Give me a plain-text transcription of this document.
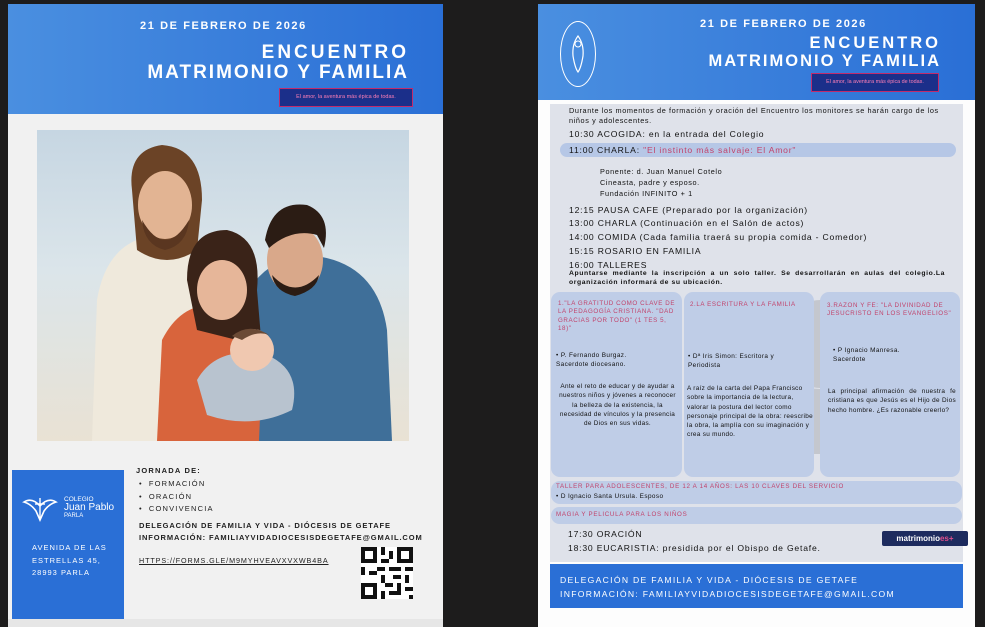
21 DE FEBRERO DE 2026
ENCUENTRO
MATRIMONIO Y FAMILIA
El amor, la aventura más épica de todas.
COLEGIO
Juan Pablo
PARLA
AVENIDA DE LAS ESTRELLAS 45, 28993 PARLA
JORNADA DE:
• FORMACIÓN
• ORACIÓN
• CONVIVENCIA
DELEGACIÓN DE FAMILIA Y VIDA - DIÓCESIS DE GETAFE
INFORMACIÓN: FAMILIAYVIDADIOCESISDEGETAFE@GMAIL.COM
HTTPS://FORMS.GLE/M9MYHVEAVXVXWB4BA
21 DE FEBRERO DE 2026
ENCUENTRO
MATRIMONIO Y FAMILIA
El amor, la aventura más épica de todas.
Durante los momentos de formación y oración del Encuentro los monitores se harán cargo de los niños y adolescentes.
10:30 ACOGIDA: en la entrada del Colegio
11:00 CHARLA: "El instinto más salvaje: El Amor"
Ponente: d. Juan Manuel Cotelo
Cineasta, padre y esposo.
Fundación INFINITO + 1
12:15 PAUSA CAFE (Preparado por la organización)
13:00 CHARLA (Continuación en el Salón de actos)
14:00 COMIDA (Cada familia traerá su propia comida - Comedor)
15:15 ROSARIO EN FAMILIA
16:00 TALLERES
Apuntarse mediante la inscripción a un solo taller. Se desarrollarán en aulas del colegio.La organización informará de su ubicación.
1."LA GRATITUD COMO CLAVE DE LA PEDAGOGÍA CRISTIANA. "DAD GRACIAS POR TODO" (1 TES 5, 18)"
• P. Fernando Burgaz. Sacerdote diocesano.
Ante el reto de educar y de ayudar a nuestros niños y jóvenes a reconocer la belleza de la existencia, la necesidad de vínculos y la presencia de Dios en sus vidas.
2.LA ESCRITURA Y LA FAMILIA
• Dª Iris Simon: Escritora y Periodista
A raíz de la carta del Papa Francisco sobre la importancia de la lectura, valorar la postura del lector como personaje principal de la obra: reescribe la obra, la amplía con su imaginación y crea su mundo.
3.RAZON Y FE: "LA DIVINIDAD DE JESUCRISTO EN LOS EVANGELIOS"
• P Ignacio Manresa. Sacerdote
La principal afirmación de nuestra fe cristiana es que Jesús es el Hijo de Dios hecho hombre. ¿Es razonable creerlo?
TALLER PARA ADOLESCENTES, DE 12 A 14 AÑOS: LAS 10 CLAVES DEL SERVICIO
• D Ignacio Santa Ursula. Esposo
MAGIA Y PELICULA PARA LOS NIÑOS
17:30 ORACIÓN
18:30 EUCARISTIA: presidida por el Obispo de Getafe.
matrimonioes+
DELEGACIÓN DE FAMILIA Y VIDA - DIÓCESIS DE GETAFE
INFORMACIÓN: FAMILIAYVIDADIOCESISDEGETAFE@GMAIL.COM
